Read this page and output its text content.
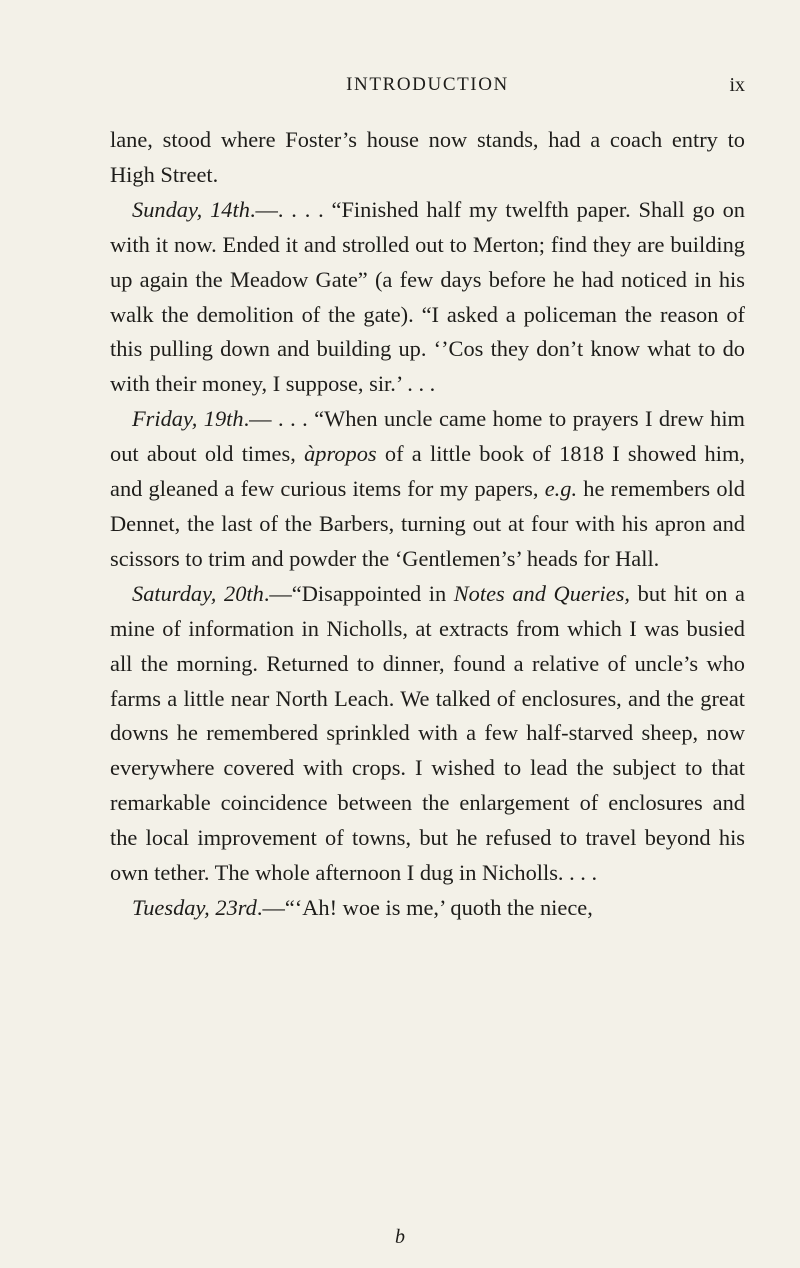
INTRODUCTION	ix

lane, stood where Foster’s house now stands, had a coach entry to High Street.

Sunday, 14th.—. . . . “Finished half my twelfth paper. Shall go on with it now. Ended it and strolled out to Merton; find they are building up again the Meadow Gate” (a few days before he had noticed in his walk the demolition of the gate). “I asked a policeman the reason of this pulling down and building up. ‘’Cos they don’t know what to do with their money, I suppose, sir.’ . . .

Friday, 19th.— . . . “When uncle came home to prayers I drew him out about old times, àpropos of a little book of 1818 I showed him, and gleaned a few curious items for my papers, e.g. he remembers old Dennet, the last of the Barbers, turning out at four with his apron and scissors to trim and powder the ‘Gentlemen’s’ heads for Hall.

Saturday, 20th.—“Disappointed in Notes and Queries, but hit on a mine of information in Nicholls, at extracts from which I was busied all the morning. Returned to dinner, found a relative of uncle’s who farms a little near North Leach. We talked of enclosures, and the great downs he remembered sprinkled with a few half-starved sheep, now everywhere covered with crops. I wished to lead the subject to that remarkable coincidence between the enlargement of enclosures and the local improvement of towns, but he refused to travel beyond his own tether. The whole afternoon I dug in Nicholls. . . .

Tuesday, 23rd.—“‘Ah! woe is me,’ quoth the niece,

b
